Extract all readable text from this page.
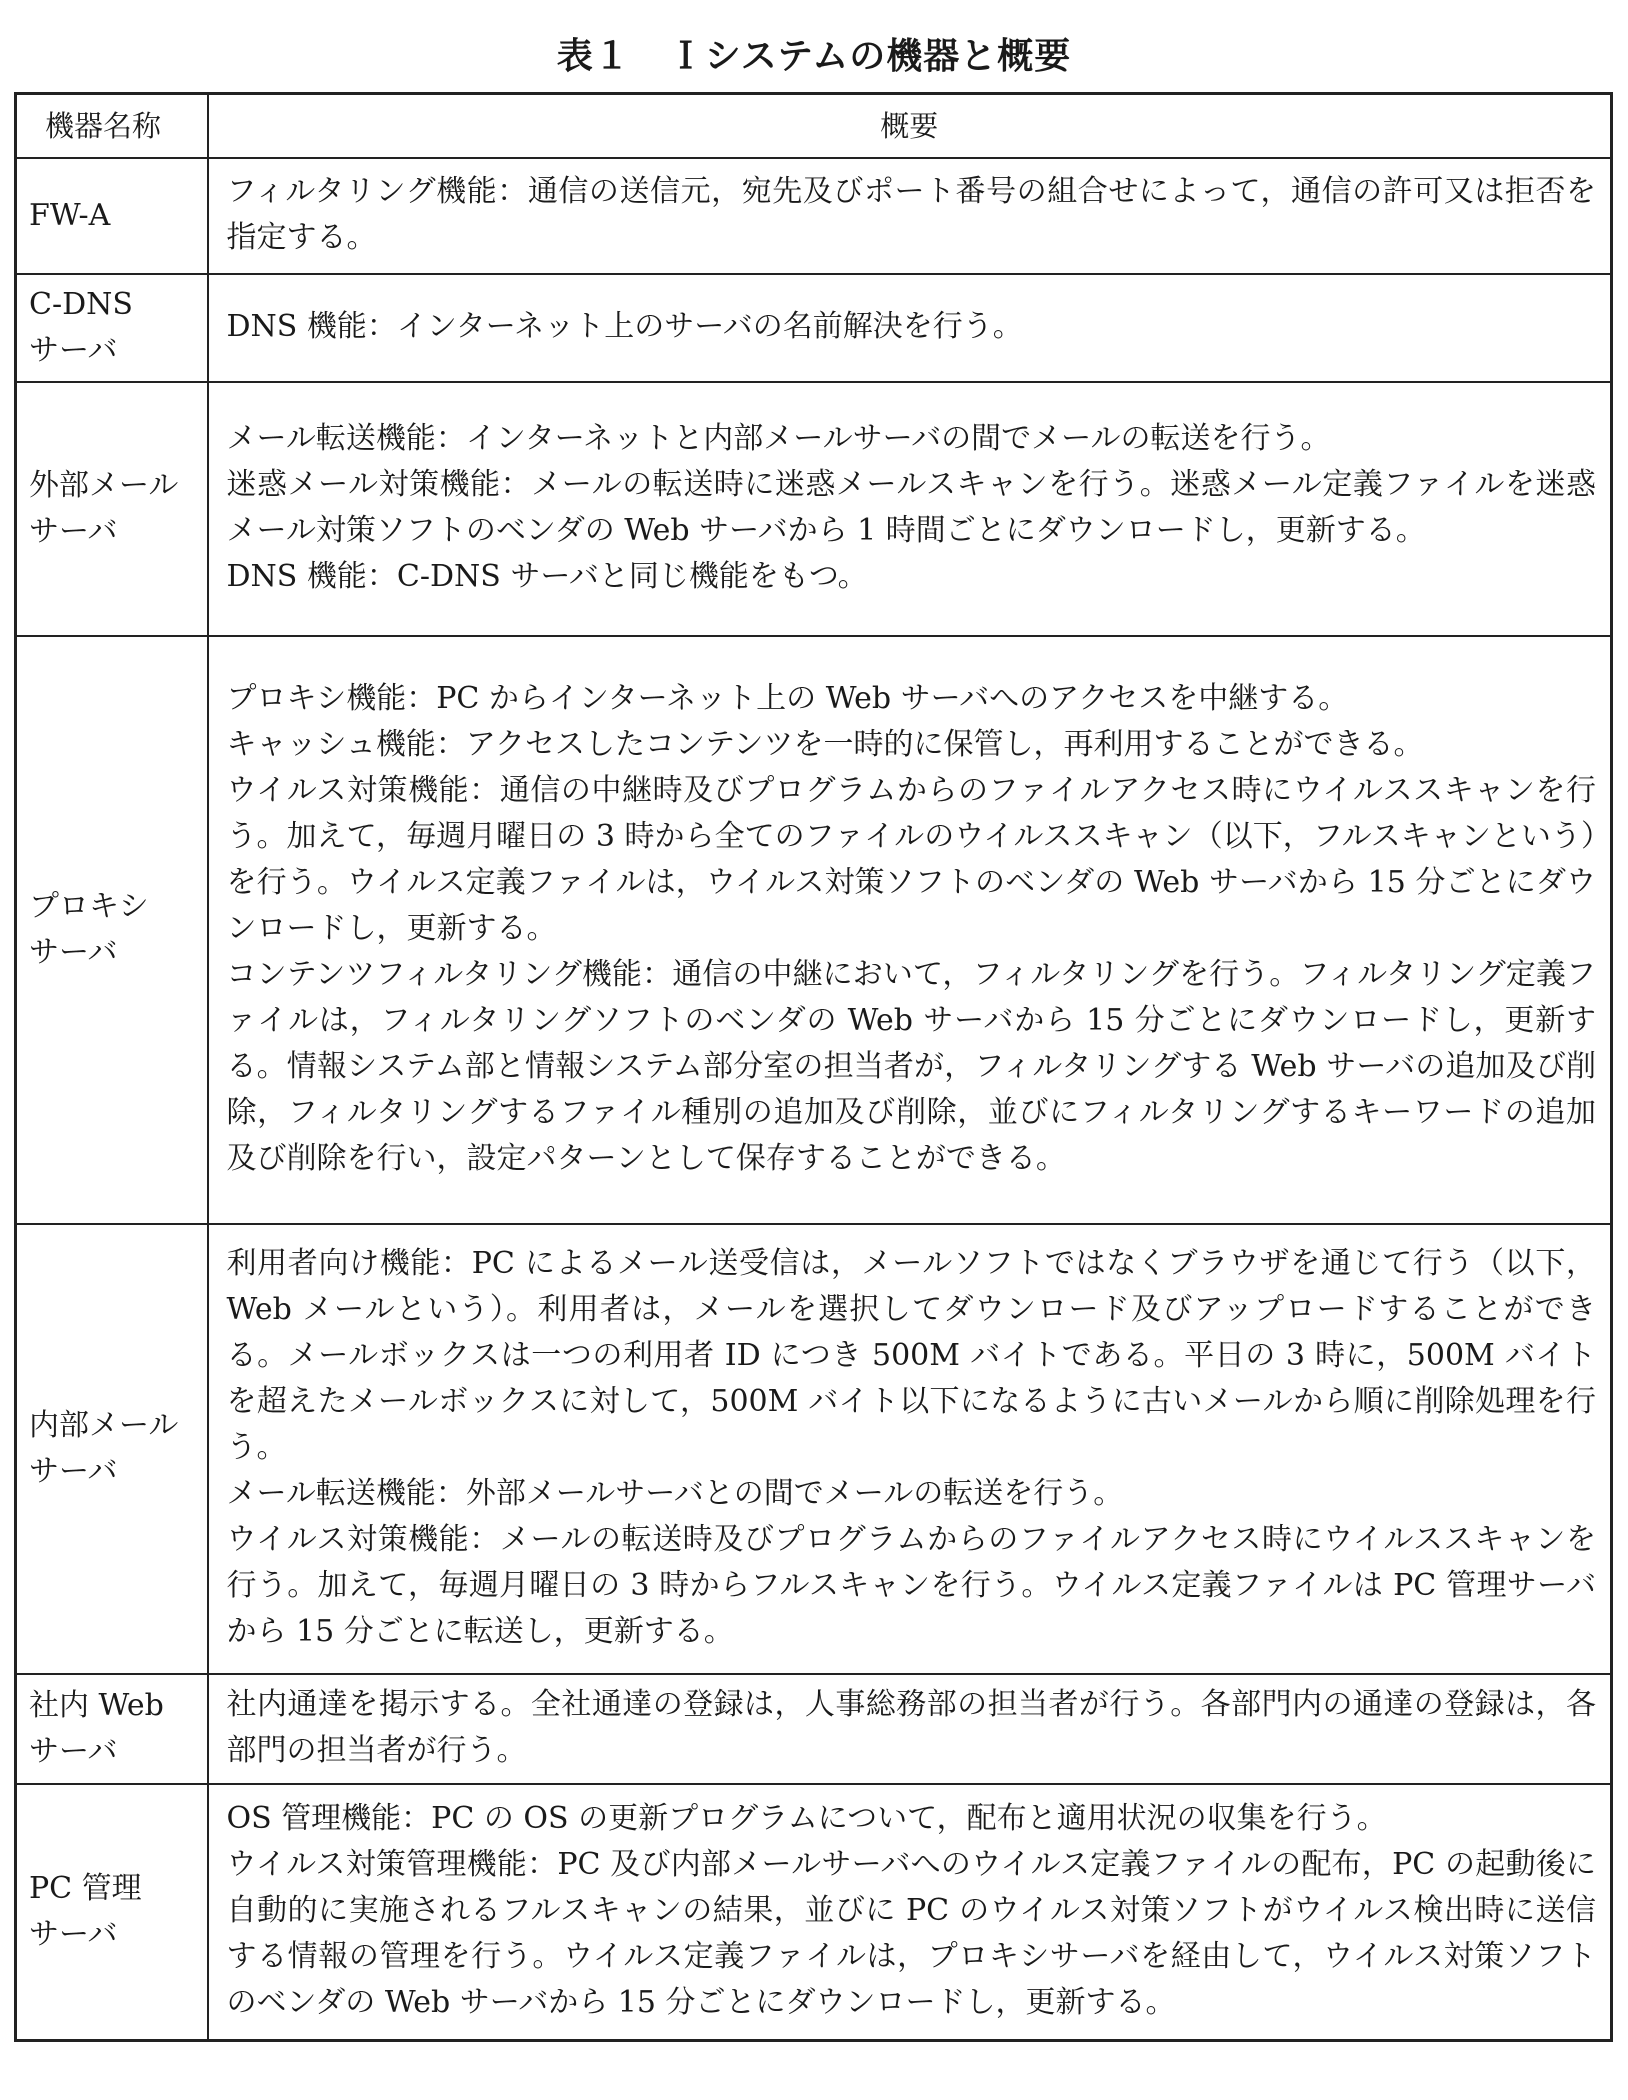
表１　Ｉシステムの機器と概要
機器名称	概要

FW-A	フィルタリング機能：通信の送信元，宛先及びポート番号の組合せによって，通信の許可又は拒否を指定する。

C-DNS
サーバ	DNS 機能：インターネット上のサーバの名前解決を行う。

外部メール
サーバ	メール転送機能：インターネットと内部メールサーバの間でメールの転送を行う。
迷惑メール対策機能：メールの転送時に迷惑メールスキャンを行う。迷惑メール定義ファイルを迷惑メール対策ソフトのベンダの Web サーバから 1 時間ごとにダウンロードし，更新する。
DNS 機能：C-DNS サーバと同じ機能をもつ。

プロキシ
サーバ	プロキシ機能：PC からインターネット上の Web サーバへのアクセスを中継する。
キャッシュ機能：アクセスしたコンテンツを一時的に保管し，再利用することができる。
ウイルス対策機能：通信の中継時及びプログラムからのファイルアクセス時にウイルススキャンを行う。加えて，毎週月曜日の 3 時から全てのファイルのウイルススキャン（以下，フルスキャンという）を行う。ウイルス定義ファイルは，ウイルス対策ソフトのベンダの Web サーバから 15 分ごとにダウンロードし，更新する。
コンテンツフィルタリング機能：通信の中継において，フィルタリングを行う。フィルタリング定義ファイルは，フィルタリングソフトのベンダの Web サーバから 15 分ごとにダウンロードし，更新する。情報システム部と情報システム部分室の担当者が，フィルタリングする Web サーバの追加及び削除，フィルタリングするファイル種別の追加及び削除，並びにフィルタリングするキーワードの追加及び削除を行い，設定パターンとして保存することができる。

内部メール
サーバ	利用者向け機能：PC によるメール送受信は，メールソフトではなくブラウザを通じて行う（以下，Web メールという）。利用者は，メールを選択してダウンロード及びアップロードすることができる。メールボックスは一つの利用者 ID につき 500M バイトである。平日の 3 時に，500M バイトを超えたメールボックスに対して，500M バイト以下になるように古いメールから順に削除処理を行う。
メール転送機能：外部メールサーバとの間でメールの転送を行う。
ウイルス対策機能：メールの転送時及びプログラムからのファイルアクセス時にウイルススキャンを行う。加えて，毎週月曜日の 3 時からフルスキャンを行う。ウイルス定義ファイルは PC 管理サーバから 15 分ごとに転送し，更新する。

社内 Web
サーバ	社内通達を掲示する。全社通達の登録は，人事総務部の担当者が行う。各部門内の通達の登録は，各部門の担当者が行う。

PC 管理
サーバ	OS 管理機能：PC の OS の更新プログラムについて，配布と適用状況の収集を行う。
ウイルス対策管理機能：PC 及び内部メールサーバへのウイルス定義ファイルの配布，PC の起動後に自動的に実施されるフルスキャンの結果，並びに PC のウイルス対策ソフトがウイルス検出時に送信する情報の管理を行う。ウイルス定義ファイルは，プロキシサーバを経由して，ウイルス対策ソフトのベンダの Web サーバから 15 分ごとにダウンロードし，更新する。
